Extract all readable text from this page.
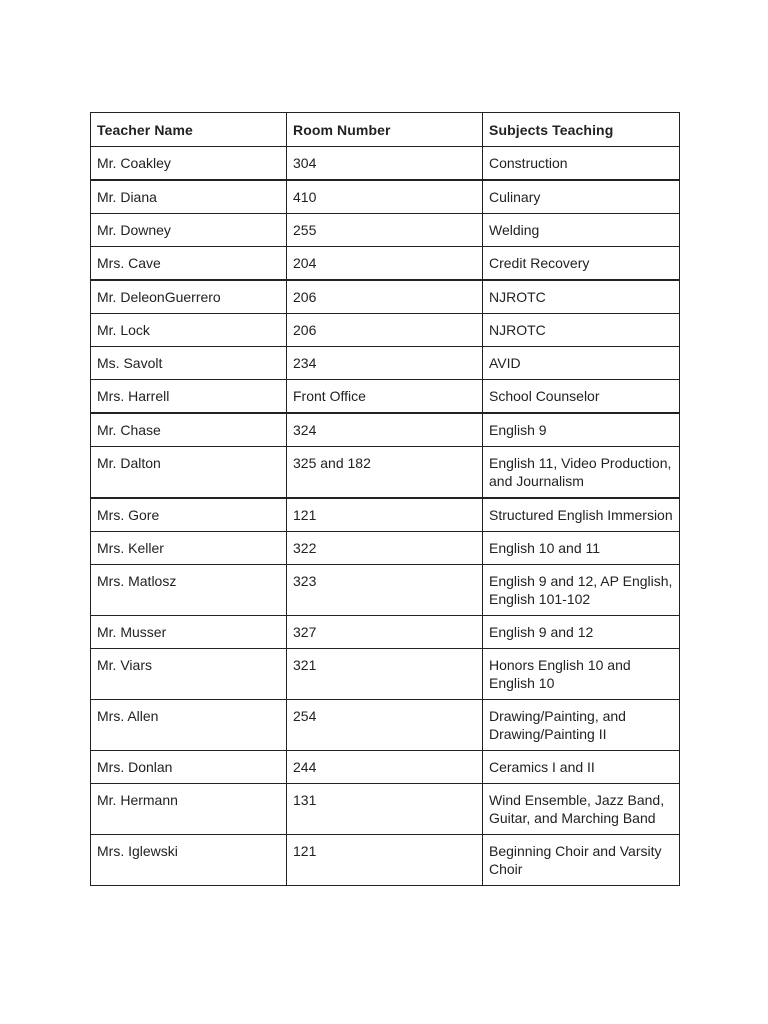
Teacher Name	Room Number	Subjects Teaching
Mr. Coakley	304	Construction
Mr. Diana	410	Culinary
Mr. Downey	255	Welding
Mrs. Cave	204	Credit Recovery
Mr. DeleonGuerrero	206	NJROTC
Mr. Lock	206	NJROTC
Ms. Savolt	234	AVID
Mrs. Harrell	Front Office	School Counselor
Mr. Chase	324	English 9
Mr. Dalton	325 and 182	English 11, Video Production, and Journalism
Mrs. Gore	121	Structured English Immersion
Mrs. Keller	322	English 10 and 11
Mrs. Matlosz	323	English 9 and 12, AP English, English 101-102
Mr. Musser	327	English 9 and 12
Mr. Viars	321	Honors English 10 and English 10
Mrs. Allen	254	Drawing/Painting, and Drawing/Painting II
Mrs. Donlan	244	Ceramics I and II
Mr. Hermann	131	Wind Ensemble, Jazz Band, Guitar, and Marching Band
Mrs. Iglewski	121	Beginning Choir and Varsity Choir
